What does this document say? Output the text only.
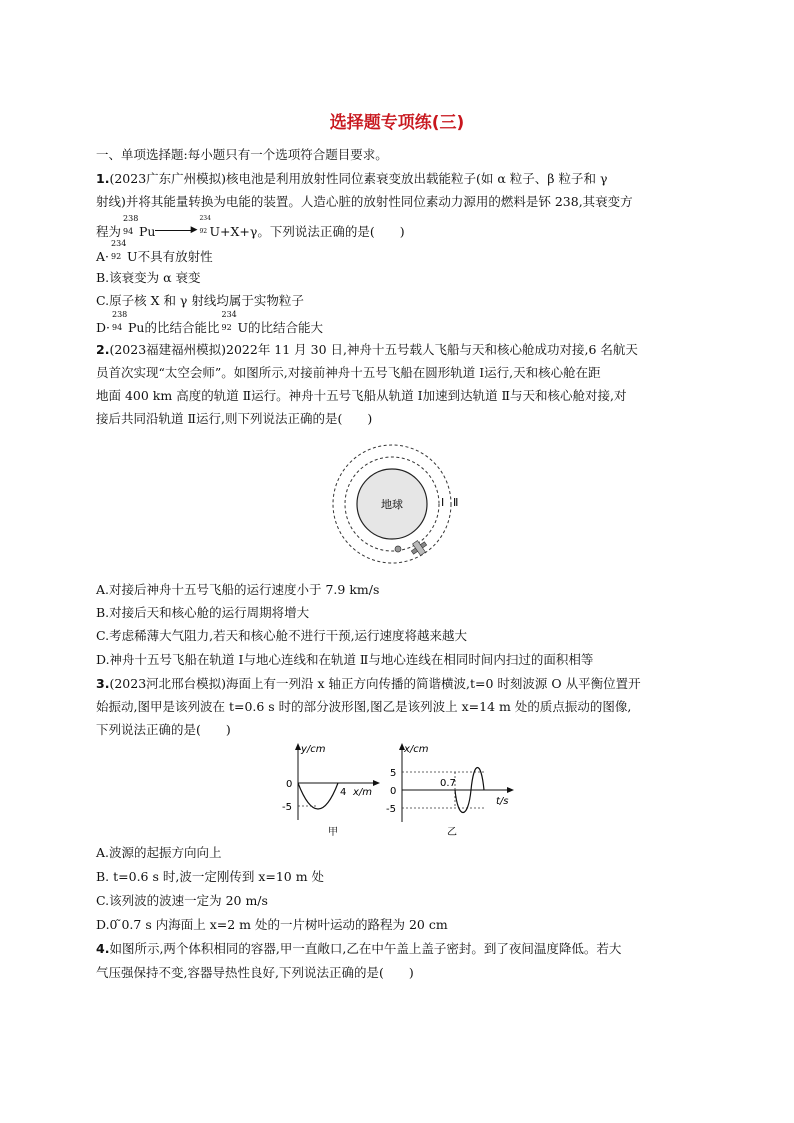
选择题专项练(三)
一、单项选择题:每小题只有一个选项符合题目要求。
1.(2023广东广州模拟)核电池是利用放射性同位素衰变放出载能粒子(如 α 粒子、β 粒子和 γ
射线)并将其能量转换为电能的装置。人造心脏的放射性同位素动力源用的燃料是钚 238,其衰变方
程为
238
94 Pu	▶
234
92 U+X+γ。下列说法正确的是(　　)
A·
234
92 U不具有放射性
B.该衰变为 α 衰变
C.原子核 X 和 γ 射线均属于实物粒子
D·
238
94 Pu的比结合能比
234
92 U的比结合能大
2.(2023福建福州模拟)2022年 11 月 30 日,神舟十五号载人飞船与天和核心舱成功对接,6 名航天
员首次实现“太空会师”。如图所示,对接前神舟十五号飞船在圆形轨道 Ⅰ运行,天和核心舱在距
地面 400 km 高度的轨道 Ⅱ运行。神舟十五号飞船从轨道 Ⅰ加速到达轨道 Ⅱ与天和核心舱对接,对
接后共同沿轨道 Ⅱ运行,则下列说法正确的是(　　)
地球	Ⅰ Ⅱ
A.对接后神舟十五号飞船的运行速度小于 7.9 km/s
B.对接后天和核心舱的运行周期将增大
C.考虑稀薄大气阻力,若天和核心舱不进行干预,运行速度将越来越大
D.神舟十五号飞船在轨道 Ⅰ与地心连线和在轨道 Ⅱ与地心连线在相同时间内扫过的面积相等
3.(2023河北邢台模拟)海面上有一列沿 x 轴正方向传播的简谐横波,t=0 时刻波源 O 从平衡位置开
始振动,图甲是该列波在 t=0.6 s 时的部分波形图,图乙是该列波上 x=14 m 处的质点振动的图像,
下列说法正确的是(　　)
y/cm
0
-5
4 x/m
甲
x/cm
5
0
-5
0.7
t/s
乙
A.波源的起振方向向上
B. t=0.6 s 时,波一定刚传到 x=10 m 处
C.该列波的波速一定为 20 m/s
D.0 ̃0.7 s 内海面上 x=2 m 处的一片树叶运动的路程为 20 cm
4.如图所示,两个体积相同的容器,甲一直敞口,乙在中午盖上盖子密封。到了夜间温度降低。若大
气压强保持不变,容器导热性良好,下列说法正确的是(　　)
